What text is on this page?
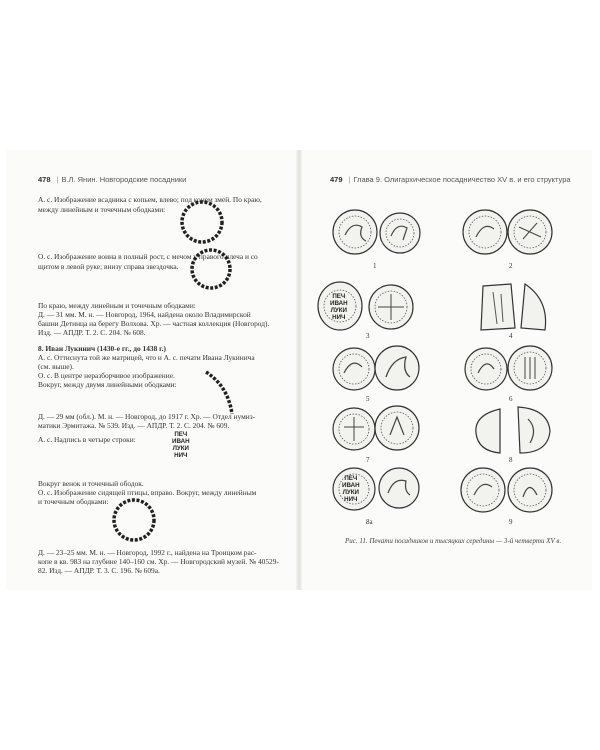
478 | В.Л. Янин. Новгородские посадники	479 | Глава 9. Олигархическое посадничество XV в. и его структура
А. с. Изображение всадника с копьем, влево; под конем змей. По краю,
между линейным и точечным ободками:
О. с. Изображение воина в полный рост, с мечом у правого плеча и со
щитом в левой руке; внизу справа звездочка.
По краю, между линейным и точечным ободками:
Д. — 31 мм. М. н. — Новгород, 1964, найдена около Владимирской
башни Детинца на берегу Волхова. Хр. — частная коллекция (Новгород).
Изд. — АПДР. Т. 2. С. 204. № 608.
8. Иван Лукинич (1430-е гг., до 1438 г.)
А. с. Оттиснута той же матрицей, что и А. с. печати Ивана Лукинича
(см. выше).
О. с. В центре неразборчивое изображение.
Вокруг, между двумя линейными ободками:
Д. — 29 мм (обл.). М. н. — Новгород, до 1917 г. Хр. — Отдел нумиз-
матики Эрмитажа. № 539. Изд. — АПДР. Т. 2. С. 204. № 609.
А. с. Надпись в четыре строки:
Вокруг венок и точечный ободок.
О. с. Изображение сидящей птицы, вправо. Вокруг, между линейным
и точечным ободками:
Д. — 23–25 мм. М. н. — Новгород, 1992 г., найдена на Троицком рас-
копе в кв. 983 на глубине 140–160 см. Хр. — Новгородский музей. № 40529-
82. Изд. — АПДР. Т. 3. С. 196. № 609а.
ПЕЧ
ИВАН
ЛУКИ
НИЧ
ПЕЧ
ИВАН
ЛУКИ
НИЧ
ПЕЧ
ИВАН
ЛУКИ
НИЧ
1	2
3	4
5	6
7	8
8а	9
Рис. 11. Печати посадников и тысяцких середины — 3-й четверти XV в.
